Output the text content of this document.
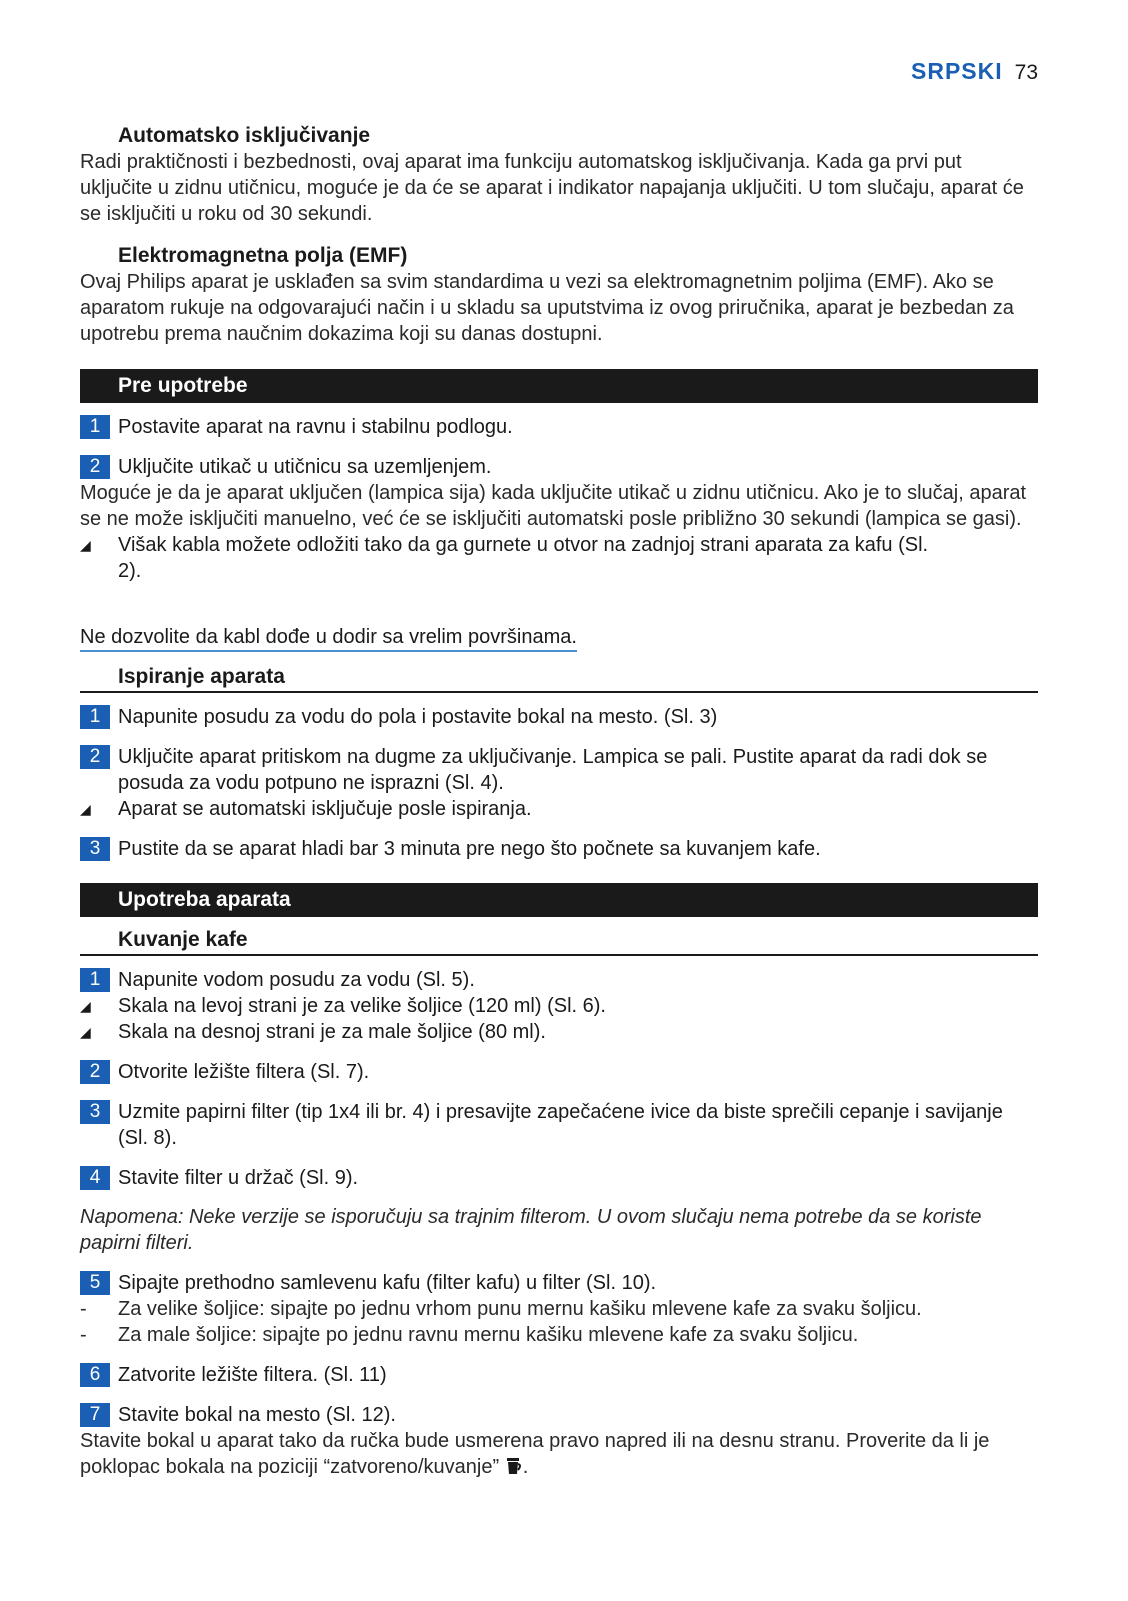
SRPSKI 73
Automatsko isključivanje
Radi praktičnosti i bezbednosti, ovaj aparat ima funkciju automatskog isključivanja. Kada ga prvi put uključite u zidnu utičnicu, moguće je da će se aparat i indikator napajanja uključiti. U tom slučaju, aparat će se isključiti u roku od 30 sekundi.
Elektromagnetna polja (EMF)
Ovaj Philips aparat je usklađen sa svim standardima u vezi sa elektromagnetnim poljima (EMF). Ako se aparatom rukuje na odgovarajući način i u skladu sa uputstvima iz ovog priručnika, aparat je bezbedan za upotrebu prema naučnim dokazima koji su danas dostupni.
Pre upotrebe
1 Postavite aparat na ravnu i stabilnu podlogu.
2 Uključite utikač u utičnicu sa uzemljenjem.
Moguće je da je aparat uključen (lampica sija) kada uključite utikač u zidnu utičnicu. Ako je to slučaj, aparat se ne može isključiti manuelno, već će se isključiti automatski posle približno 30 sekundi (lampica se gasi).
◢	Višak kabla možete odložiti tako da ga gurnete u otvor na zadnjoj strani aparata za kafu (Sl. 2).
Ne dozvolite da kabl dođe u dodir sa vrelim površinama.
Ispiranje aparata
1 Napunite posudu za vodu do pola i postavite bokal na mesto. (Sl. 3)
2 Uključite aparat pritiskom na dugme za uključivanje. Lampica se pali. Pustite aparat da radi dok se posuda za vodu potpuno ne isprazni (Sl. 4).
◢	Aparat se automatski isključuje posle ispiranja.
3 Pustite da se aparat hladi bar 3 minuta pre nego što počnete sa kuvanjem kafe.
Upotreba aparata
Kuvanje kafe
1 Napunite vodom posudu za vodu (Sl. 5).
◢	Skala na levoj strani je za velike šoljice (120 ml) (Sl. 6).
◢	Skala na desnoj strani je za male šoljice (80 ml).
2 Otvorite ležište filtera (Sl. 7).
3 Uzmite papirni filter (tip 1x4 ili br. 4) i presavijte zapečaćene ivice da biste sprečili cepanje i savijanje (Sl. 8).
4 Stavite filter u držač (Sl. 9).
Napomena: Neke verzije se isporučuju sa trajnim filterom. U ovom slučaju nema potrebe da se koriste papirni filteri.
5 Sipajte prethodno samlevenu kafu (filter kafu) u filter (Sl. 10).
-	Za velike šoljice: sipajte po jednu vrhom punu mernu kašiku mlevene kafe za svaku šoljicu.
-	Za male šoljice: sipajte po jednu ravnu mernu kašiku mlevene kafe za svaku šoljicu.
6 Zatvorite ležište filtera. (Sl. 11)
7 Stavite bokal na mesto (Sl. 12).
Stavite bokal u aparat tako da ručka bude usmerena pravo napred ili na desnu stranu. Proverite da li je poklopac bokala na poziciji “zatvoreno/kuvanje” .
